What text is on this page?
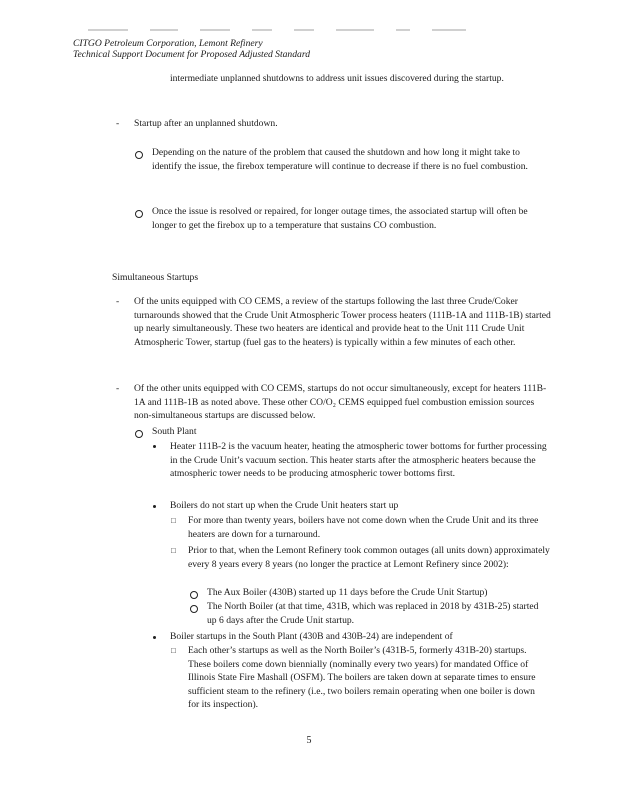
CITGO Petroleum Corporation, Lemont Refinery
Technical Support Document for Proposed Adjusted Standard
intermediate unplanned shutdowns to address unit issues discovered during the startup.
- Startup after an unplanned shutdown.
Depending on the nature of the problem that caused the shutdown and how long it might take to identify the issue, the firebox temperature will continue to decrease if there is no fuel combustion.
Once the issue is resolved or repaired, for longer outage times, the associated startup will often be longer to get the firebox up to a temperature that sustains CO combustion.
Simultaneous Startups
- Of the units equipped with CO CEMS, a review of the startups following the last three Crude/Coker turnarounds showed that the Crude Unit Atmospheric Tower process heaters (111B-1A and 111B-1B) started up nearly simultaneously. These two heaters are identical and provide heat to the Unit 111 Crude Unit Atmospheric Tower, startup (fuel gas to the heaters) is typically within a few minutes of each other.
- Of the other units equipped with CO CEMS, startups do not occur simultaneously, except for heaters 111B-1A and 111B-1B as noted above. These other CO/O₂ CEMS equipped fuel combustion emission sources non-simultaneous startups are discussed below.
South Plant
Heater 111B-2 is the vacuum heater, heating the atmospheric tower bottoms for further processing in the Crude Unit’s vacuum section. This heater starts after the atmospheric heaters because the atmospheric tower needs to be producing atmospheric tower bottoms first.
Boilers do not start up when the Crude Unit heaters start up
□ For more than twenty years, boilers have not come down when the Crude Unit and its three heaters are down for a turnaround.
□ Prior to that, when the Lemont Refinery took common outages (all units down) approximately every 8 years every 8 years (no longer the practice at Lemont Refinery since 2002):
The Aux Boiler (430B) started up 11 days before the Crude Unit Startup)
The North Boiler (at that time, 431B, which was replaced in 2018 by 431B-25) started up 6 days after the Crude Unit startup.
Boiler startups in the South Plant (430B and 430B-24) are independent of
□ Each other’s startups as well as the North Boiler’s (431B-5, formerly 431B-20) startups. These boilers come down biennially (nominally every two years) for mandated Office of Illinois State Fire Mashall (OSFM). The boilers are taken down at separate times to ensure sufficient steam to the refinery (i.e., two boilers remain operating when one boiler is down for its inspection).
5
